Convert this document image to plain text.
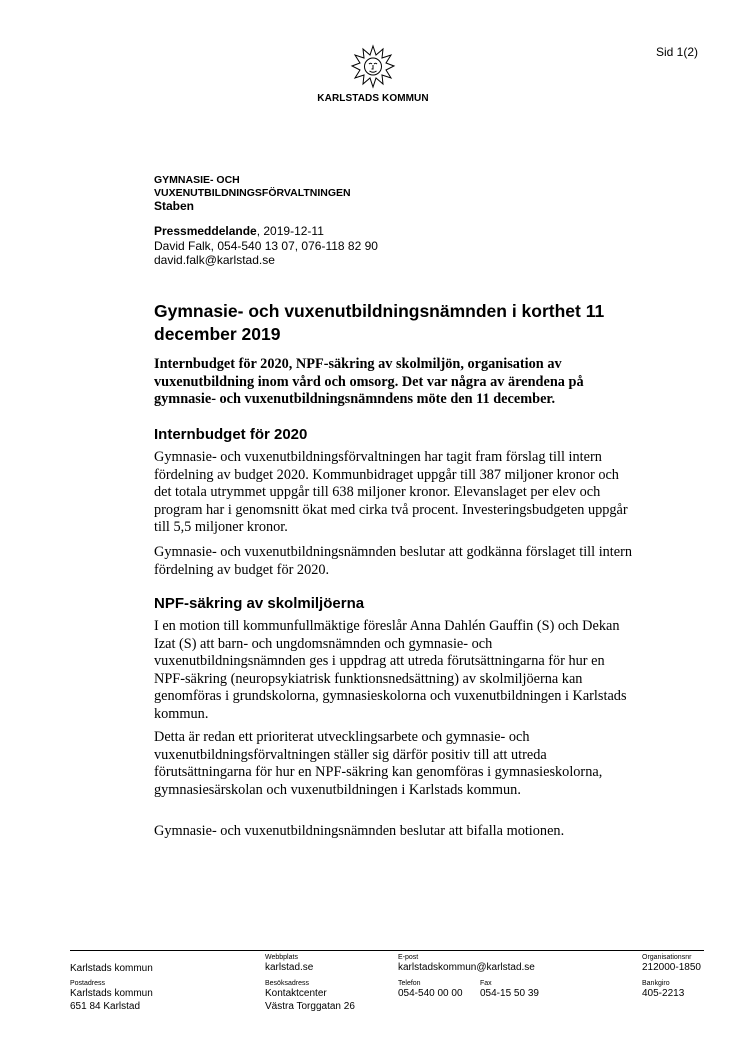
Sid 1(2)
KARLSTADS KOMMUN
GYMNASIE- OCH
VUXENUTBILDNINGSFÖRVALTNINGEN
Staben
Pressmeddelande, 2019-12-11
David Falk, 054-540 13 07, 076-118 82 90
david.falk@karlstad.se
Gymnasie- och vuxenutbildningsnämnden i korthet 11 december 2019

Internbudget för 2020, NPF-säkring av skolmiljön, organisation av vuxenutbildning inom vård och omsorg. Det var några av ärendena på gymnasie- och vuxenutbildningsnämndens möte den 11 december.

Internbudget för 2020

Gymnasie- och vuxenutbildningsförvaltningen har tagit fram förslag till intern fördelning av budget 2020. Kommunbidraget uppgår till 387 miljoner kronor och det totala utrymmet uppgår till 638 miljoner kronor. Elevanslaget per elev och program har i genomsnitt ökat med cirka två procent. Investeringsbudgeten uppgår till 5,5 miljoner kronor.

Gymnasie- och vuxenutbildningsnämnden beslutar att godkänna förslaget till intern fördelning av budget för 2020.

NPF-säkring av skolmiljöerna

I en motion till kommunfullmäktige föreslår Anna Dahlén Gauffin (S) och Dekan Izat (S) att barn- och ungdomsnämnden och gymnasie- och vuxenutbildningsnämnden ges i uppdrag att utreda förutsättningarna för hur en NPF-säkring (neuropsykiatrisk funktionsnedsättning) av skolmiljöerna kan genomföras i grundskolorna, gymnasieskolorna och vuxenutbildningen i Karlstads kommun.

Detta är redan ett prioriterat utvecklingsarbete och gymnasie- och vuxenutbildningsförvaltningen ställer sig därför positiv till att utreda förutsättningarna för hur en NPF-säkring kan genomföras i gymnasieskolorna, gymnasiesärskolan och vuxenutbildningen i Karlstads kommun.

Gymnasie- och vuxenutbildningsnämnden beslutar att bifalla motionen.

Karlstads kommun
Webbplats
karlstad.se
E-post
karlstadskommun@karlstad.se
Organisationsnr
212000-1850
Postadress
Karlstads kommun
651 84 Karlstad
Besöksadress
Kontaktcenter
Västra Torggatan 26
Telefon
054-540 00 00
Fax
054-15 50 39
Bankgiro
405-2213
